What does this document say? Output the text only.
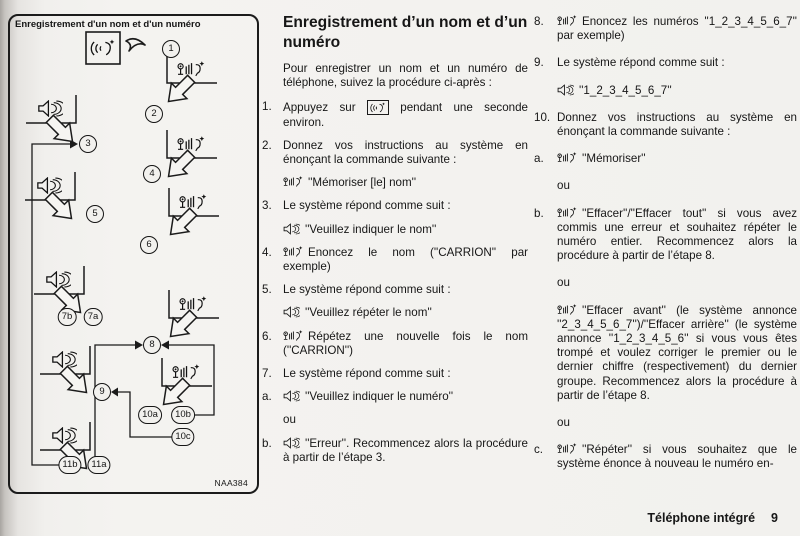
Enregistrement d'un nom et d'un numéro
1
2
3
4
5
6
7b	7a
8
9
10a	10b
10c
11b	11a
NAA384
Enregistrement d’un nom et d’un numéro

Pour enregistrer un nom et un numéro de téléphone, suivez la procédure ci-après :

1. Appuyez sur	pendant une seconde environ.

2. Donnez vos instructions au système en énonçant la commande suivante :

''Mémoriser [le] nom''

3. Le système répond comme suit :

''Veuillez indiquer le nom''

4.	Enoncez le nom (''CARRION'' par exemple)

5. Le système répond comme suit :

''Veuillez répéter le nom''

6.	Répétez une nouvelle fois le nom (''CARRION'')

7. Le système répond comme suit :

a.	''Veuillez indiquer le numéro''

ou

b.	''Erreur''. Recommencez alors la procédure à partir de l’étape 3.

8.	Enoncez les numéros ''1_2_3_4_5_6_7'' par exemple)

9.	Le système répond comme suit :

''1_2_3_4_5_6_7''

10. Donnez vos instructions au système en énonçant la commande suivante :

a.	''Mémoriser''

ou

b.	''Effacer''/''Effacer tout'' si vous avez commis une erreur et souhaitez répéter le numéro entier. Recommencez alors la procédure à partir de l’étape 8.

ou

''Effacer avant'' (le système annonce ''2_3_4_5_6_7'')/''Effacer arrière'' (le système annonce ''1_2_3_4_5_6'' si vous vous êtes trompé et voulez corriger le premier ou le dernier chiffre (respectivement) du dernier groupe. Recommencez alors la procédure à partir de l’étape 8.

ou

c.	''Répéter'' si vous souhaitez que le système énonce à nouveau le numéro en-

Téléphone intégré 9
